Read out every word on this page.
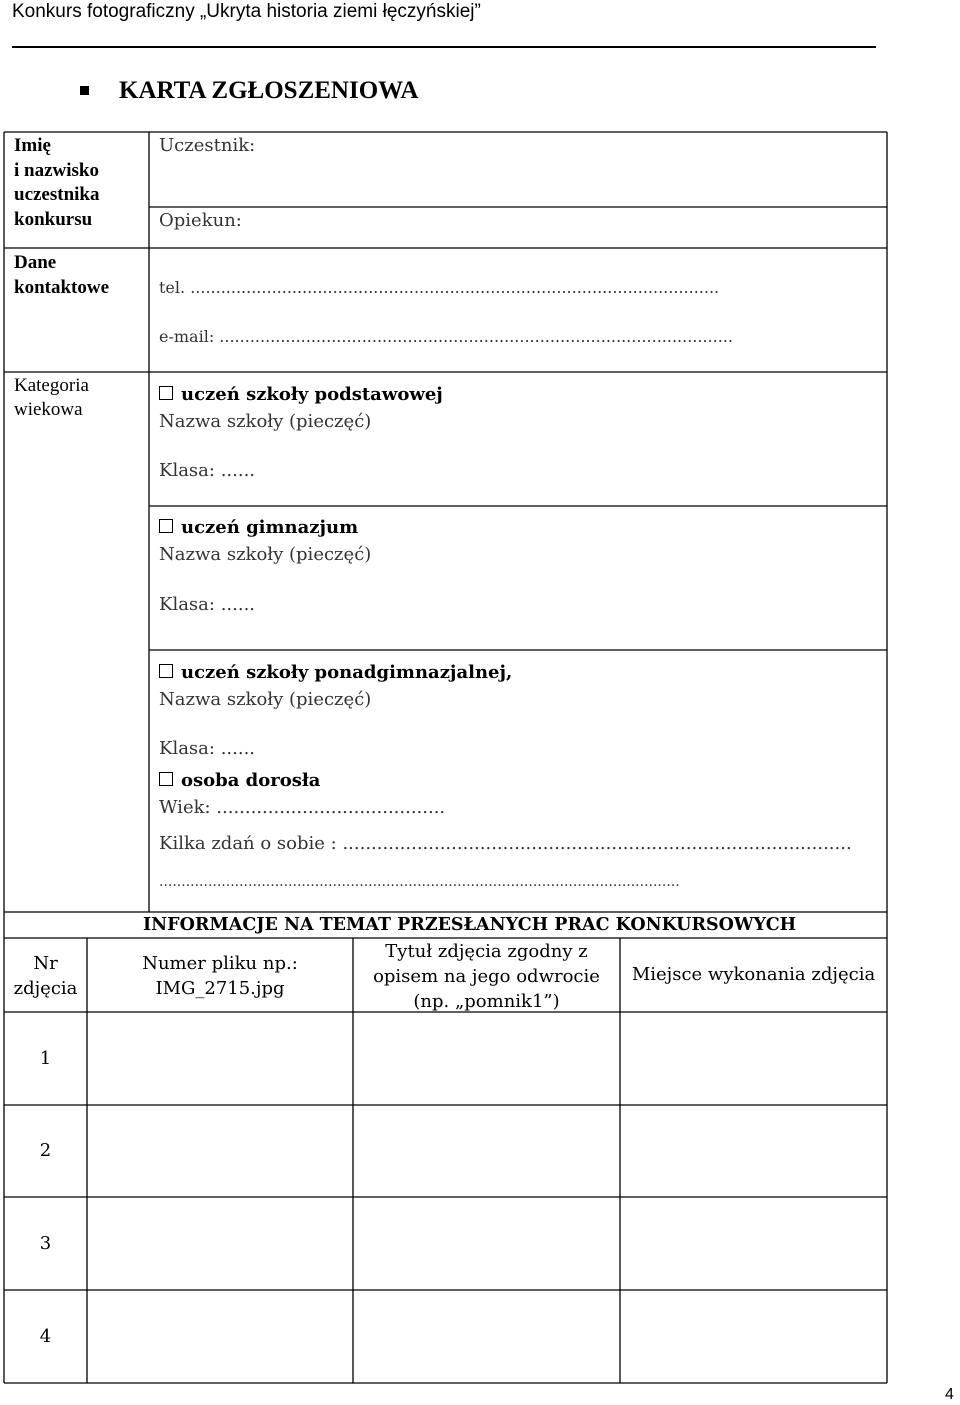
Konkurs fotograficzny „Ukryta historia ziemi łęczyńskiej”
KARTA ZGŁOSZENIOWA
Imię
i nazwisko
uczestnika
konkursu
Dane
kontaktowe
Kategoria
wiekowa
Uczestnik:
Opiekun:
tel. ........................................................................................................
e-mail: .....................................................................................................
uczeń szkoły podstawowej
Nazwa szkoły (pieczęć)
Klasa: ......
uczeń gimnazjum
Nazwa szkoły (pieczęć)
Klasa: ......
uczeń szkoły ponadgimnazjalnej,
Nazwa szkoły (pieczęć)
Klasa: ......
osoba dorosła
Wiek: ........................................
Kilka zdań o sobie : .........................................................................................
.....................................................................................................................
INFORMACJE NA TEMAT PRZESŁANYCH PRAC KONKURSOWYCH
Nr
zdjęcia
Numer pliku np.:
IMG_2715.jpg
Tytuł zdjęcia zgodny z
opisem na jego odwrocie
(np. „pomnik1”)
Miejsce wykonania zdjęcia
1
2
3
4
4
